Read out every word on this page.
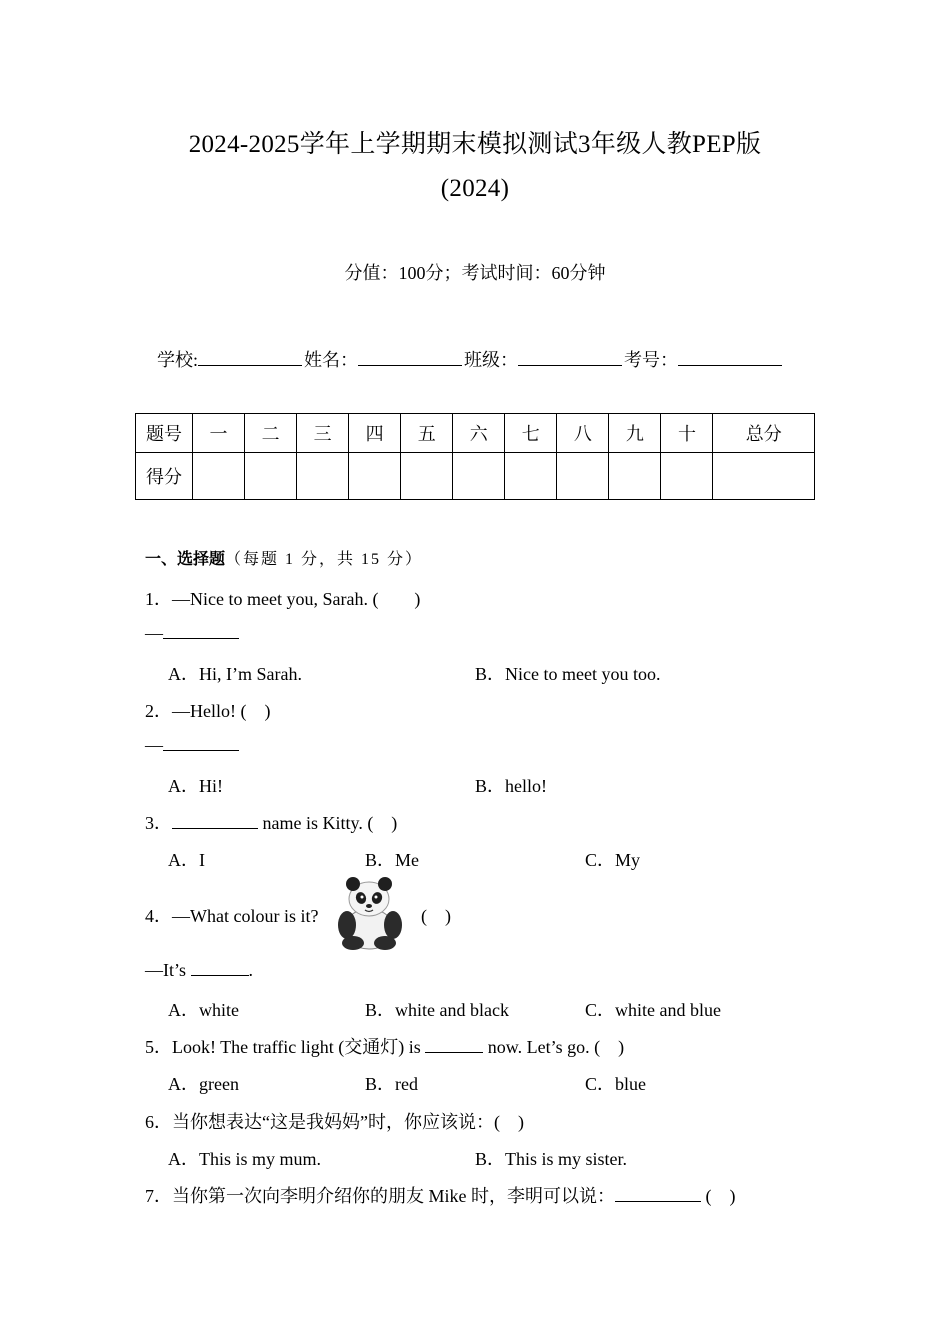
2024-2025学年上学期期末模拟测试3年级人教PEP版
(2024)
分值：100分；考试时间：60分钟
学校:	姓名：	班级：	考号：
题号	一	二	三	四	五	六	七	八	九	十	总分
得分											
一、选择题（每题 1 分，共 15 分）
1．—Nice to meet you, Sarah. (　　)
—
A．Hi, I’m Sarah.	B．Nice to meet you too.
2．—Hello! (　)
—
A．Hi!	B．hello!
3．	name is Kitty. (　)
A．I	B．Me	C．My
4．—What colour is it?	(　)
—It’s	.
A．white	B．white and black	C．white and blue
5．Look! The traffic light (交通灯) is	now. Let’s go. (　)
A．green	B．red	C．blue
6．当你想表达“这是我妈妈”时，你应该说：(　)
A．This is my mum.	B．This is my sister.
7．当你第一次向李明介绍你的朋友 Mike 时，李明可以说：	(　)
